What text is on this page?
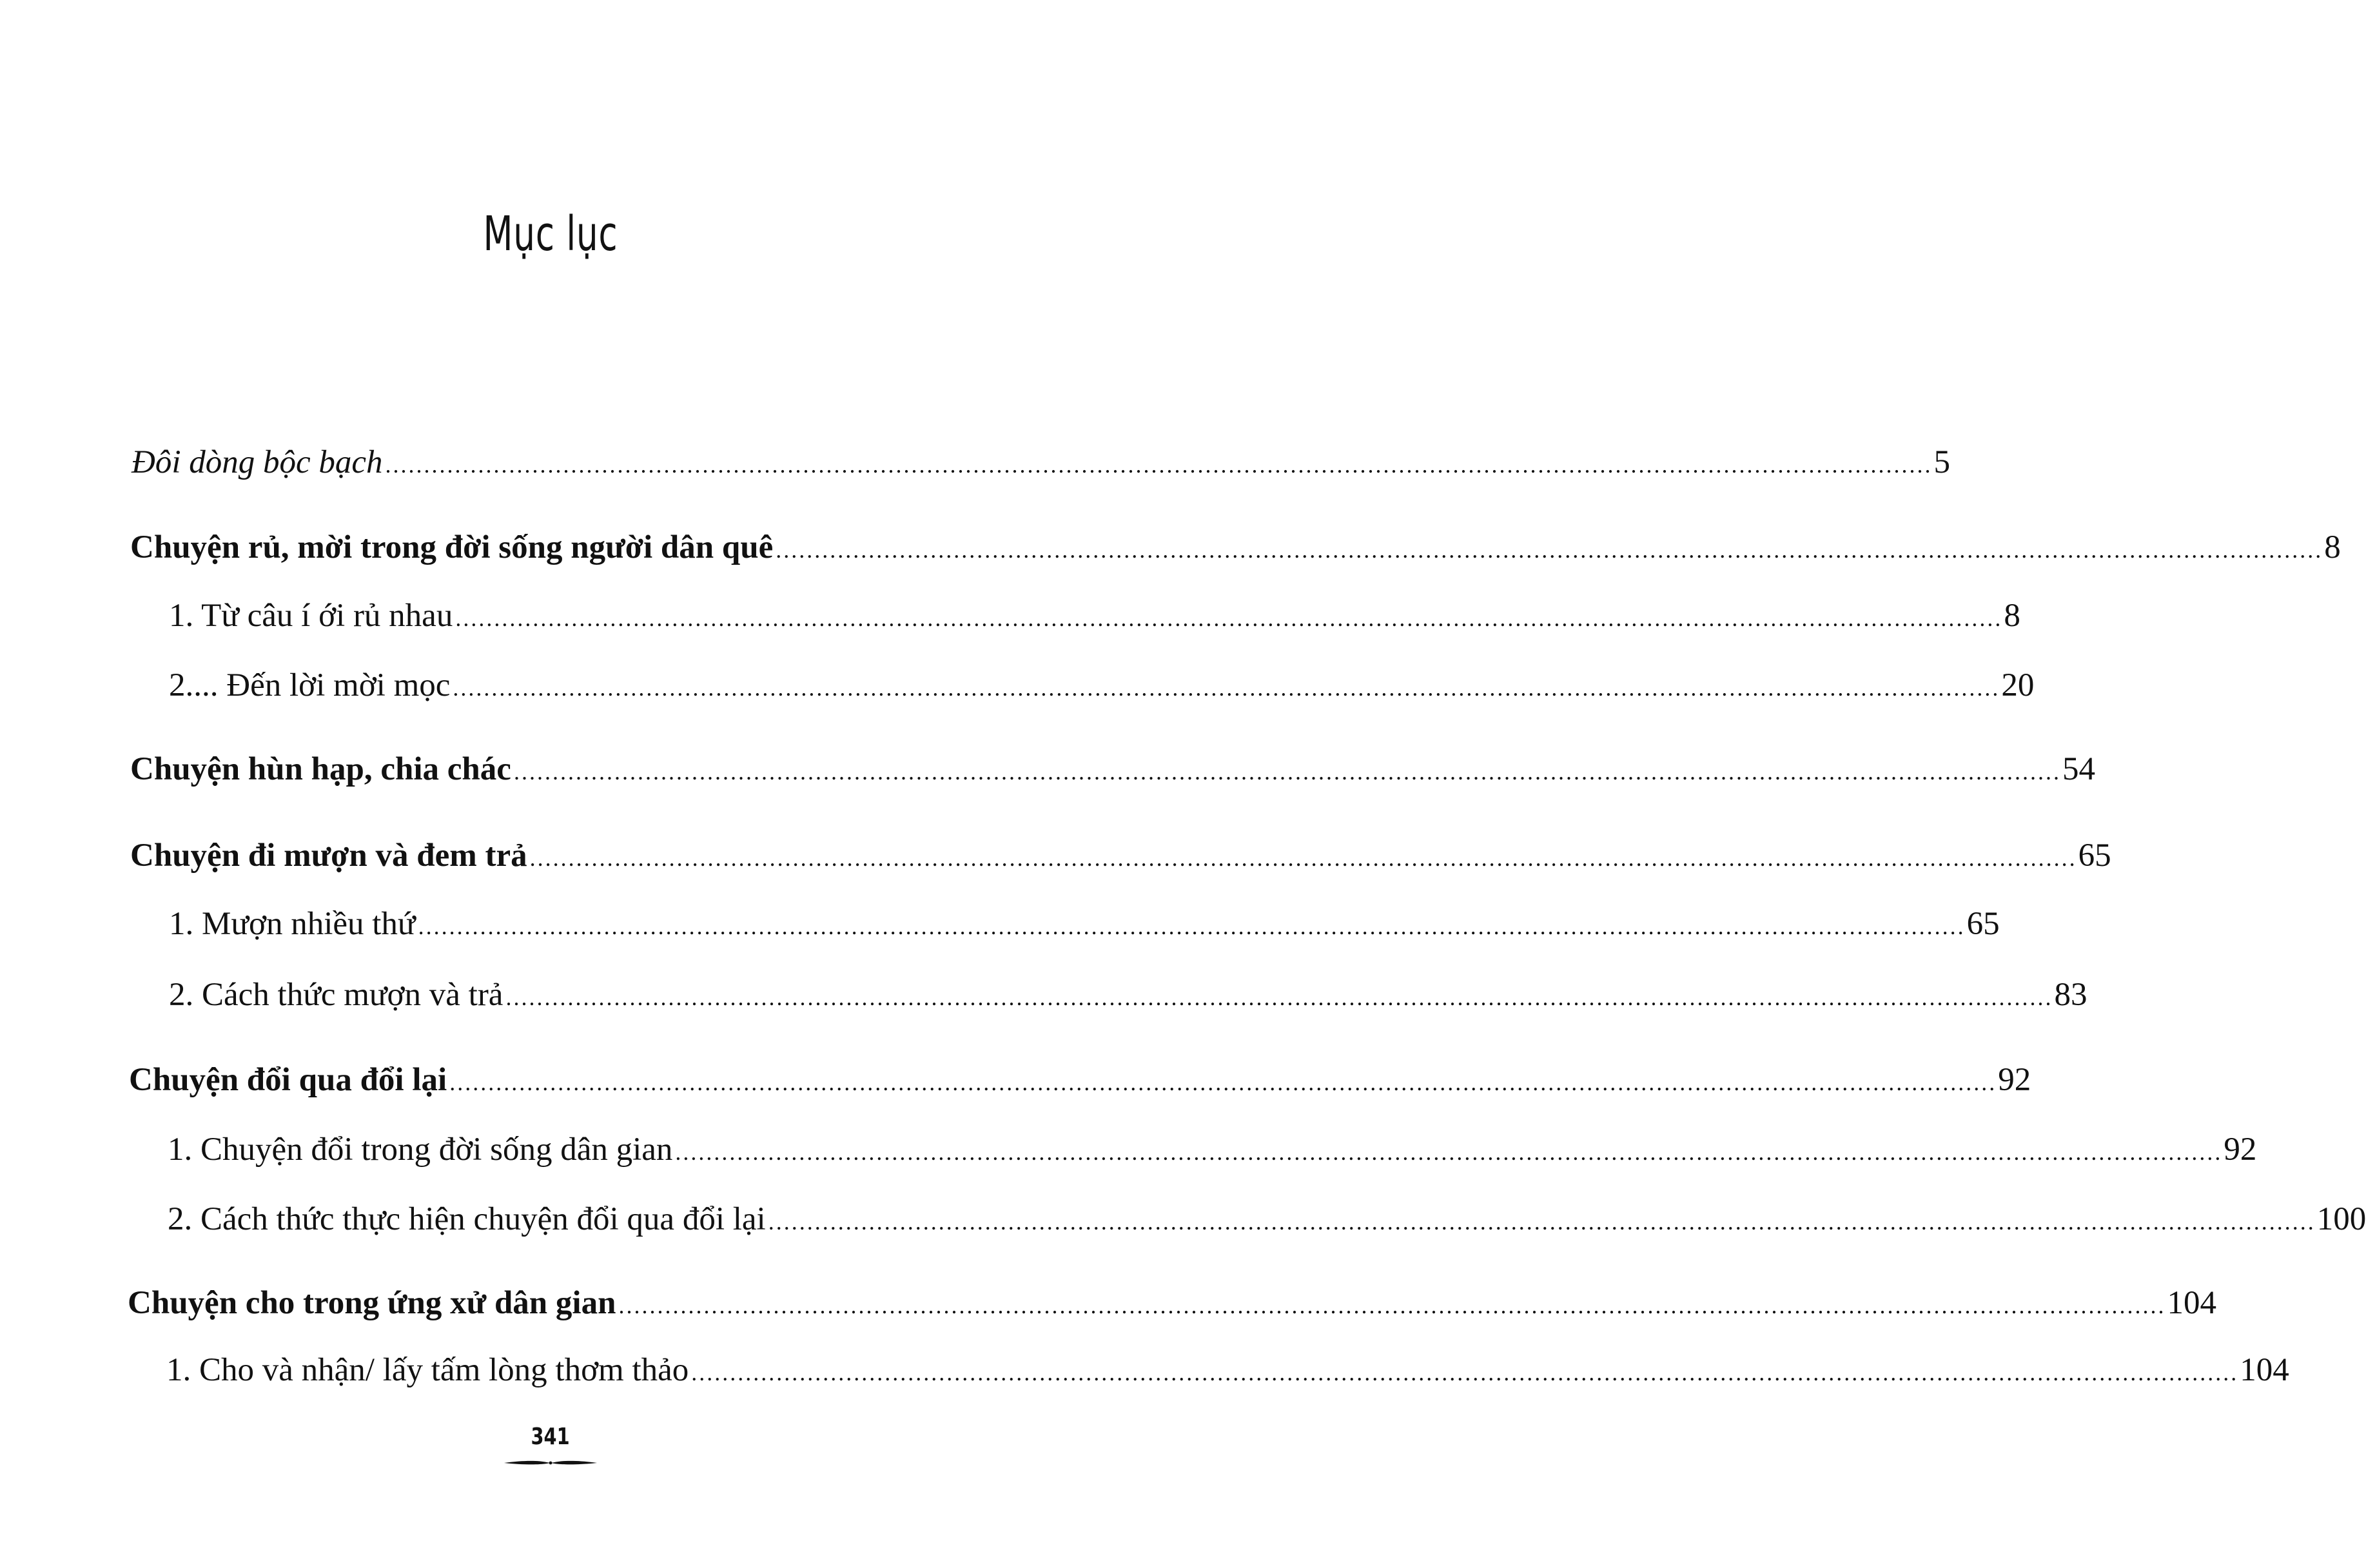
Mục lục
Đôi dòng bộc bạch ........................................................................................................................................................................................................ 5
Chuyện rủ, mời trong đời sống người dân quê ........................................................................................................................................................................................................ 8
1. Từ câu í ới rủ nhau ........................................................................................................................................................................................................ 8
2.... Đến lời mời mọc ........................................................................................................................................................................................................ 20
Chuyện hùn hạp, chia chác ........................................................................................................................................................................................................ 54
Chuyện đi mượn và đem trả ........................................................................................................................................................................................................ 65
1. Mượn nhiều thứ ........................................................................................................................................................................................................ 65
2. Cách thức mượn và trả ........................................................................................................................................................................................................ 83
Chuyện đổi qua đổi lại ........................................................................................................................................................................................................ 92
1. Chuyện đổi trong đời sống dân gian ........................................................................................................................................................................................................ 92
2. Cách thức thực hiện chuyện đổi qua đổi lại ........................................................................................................................................................................................................ 100
Chuyện cho trong ứng xử dân gian ........................................................................................................................................................................................................ 104
1. Cho và nhận/ lấy tấm lòng thơm thảo ........................................................................................................................................................................................................ 104
341
